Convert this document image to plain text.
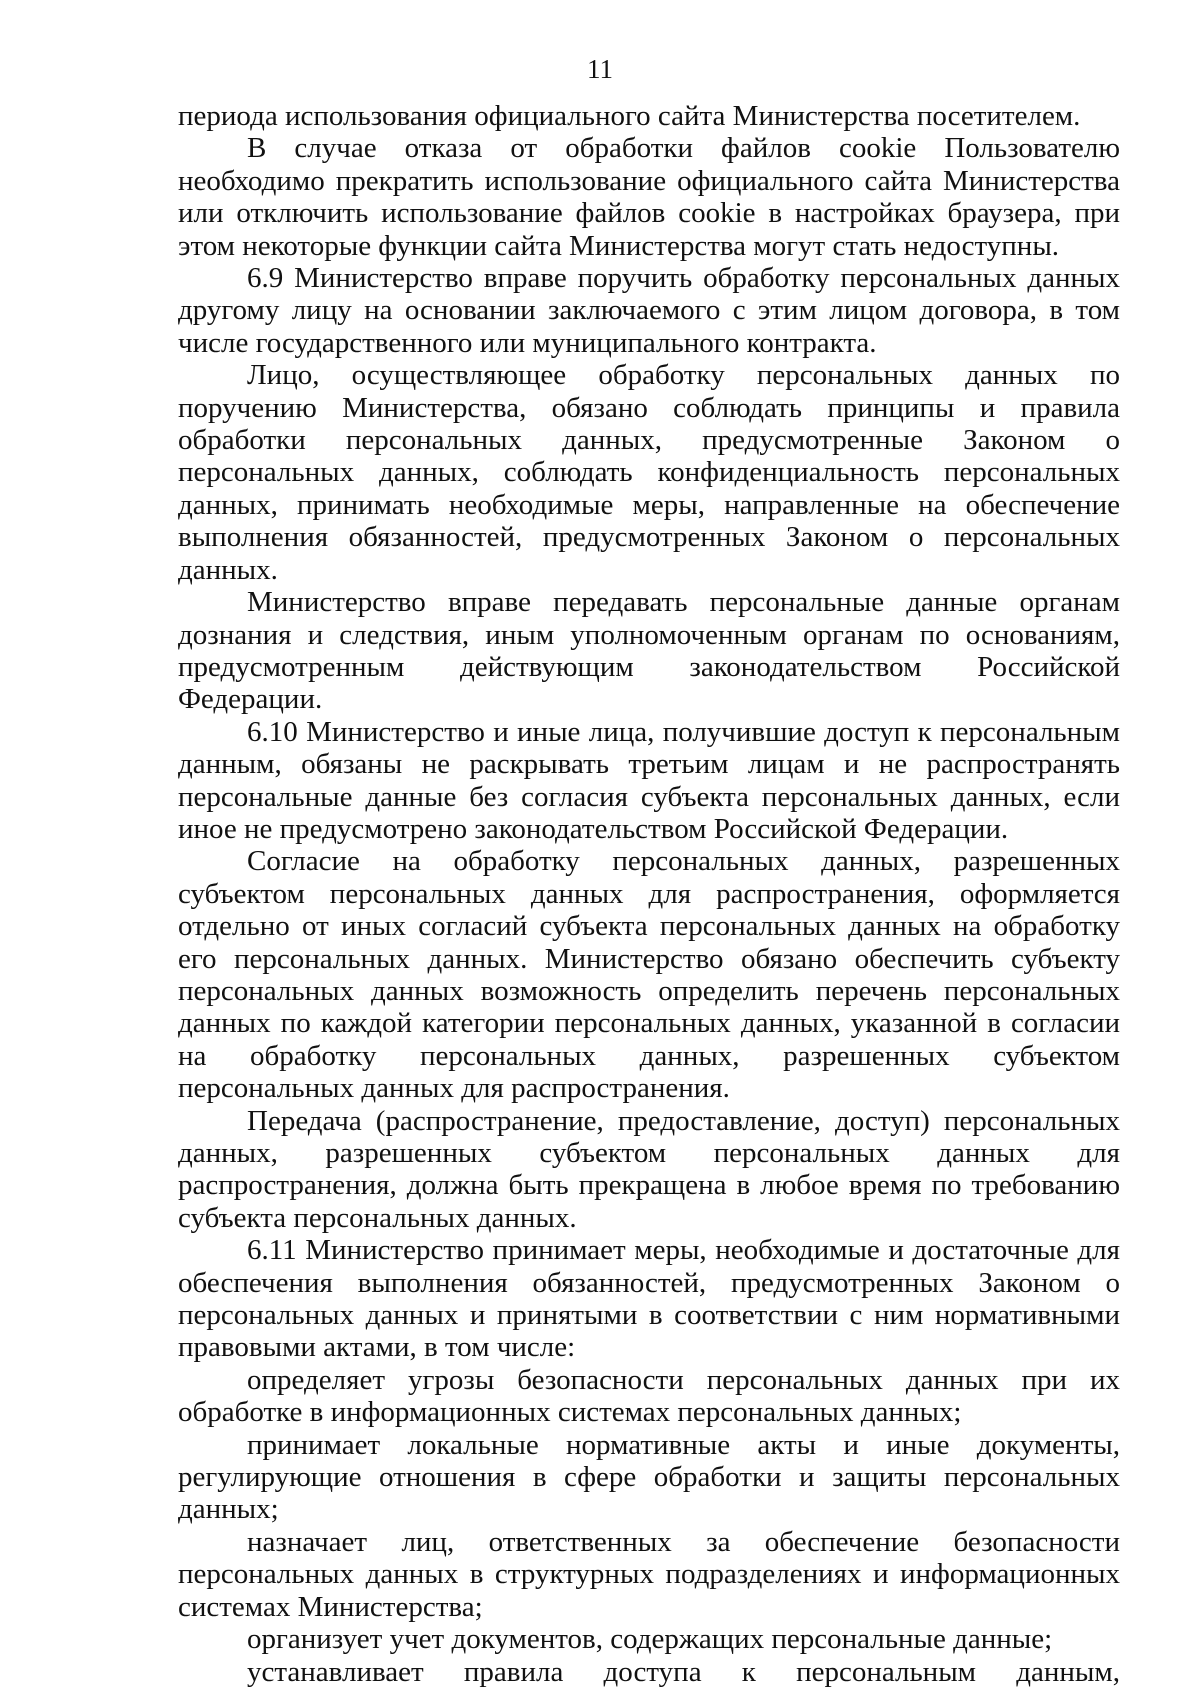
11

периода использования официального сайта Министерства посетителем.

В случае отказа от обработки файлов cookie Пользователю необходимо прекратить использование официального сайта Министерства или отключить использование файлов cookie в настройках браузера, при этом некоторые функции сайта Министерства могут стать недоступны.

6.9 Министерство вправе поручить обработку персональных данных другому лицу на основании заключаемого с этим лицом договора, в том числе государственного или муниципального контракта.

Лицо, осуществляющее обработку персональных данных по поручению Министерства, обязано соблюдать принципы и правила обработки персональных данных, предусмотренные Законом о персональных данных, соблюдать конфиденциальность персональных данных, принимать необходимые меры, направленные на обеспечение выполнения обязанностей, предусмотренных Законом о персональных данных.

Министерство вправе передавать персональные данные органам дознания и следствия, иным уполномоченным органам по основаниям, предусмотренным действующим законодательством Российской Федерации.

6.10 Министерство и иные лица, получившие доступ к персональным данным, обязаны не раскрывать третьим лицам и не распространять персональные данные без согласия субъекта персональных данных, если иное не предусмотрено законодательством Российской Федерации.

Согласие на обработку персональных данных, разрешенных субъектом персональных данных для распространения, оформляется отдельно от иных согласий субъекта персональных данных на обработку его персональных данных. Министерство обязано обеспечить субъекту персональных данных возможность определить перечень персональных данных по каждой категории персональных данных, указанной в согласии на обработку персональных данных, разрешенных субъектом персональных данных для распространения.

Передача (распространение, предоставление, доступ) персональных данных, разрешенных субъектом персональных данных для распространения, должна быть прекращена в любое время по требованию субъекта персональных данных.

6.11 Министерство принимает меры, необходимые и достаточные для обеспечения выполнения обязанностей, предусмотренных Законом о персональных данных и принятыми в соответствии с ним нормативными правовыми актами, в том числе:

определяет угрозы безопасности персональных данных при их обработке в информационных системах персональных данных;

принимает локальные нормативные акты и иные документы, регулирующие отношения в сфере обработки и защиты персональных данных;

назначает лиц, ответственных за обеспечение безопасности персональных данных в структурных подразделениях и информационных системах Министерства;

организует учет документов, содержащих персональные данные;

устанавливает правила доступа к персональным данным,
